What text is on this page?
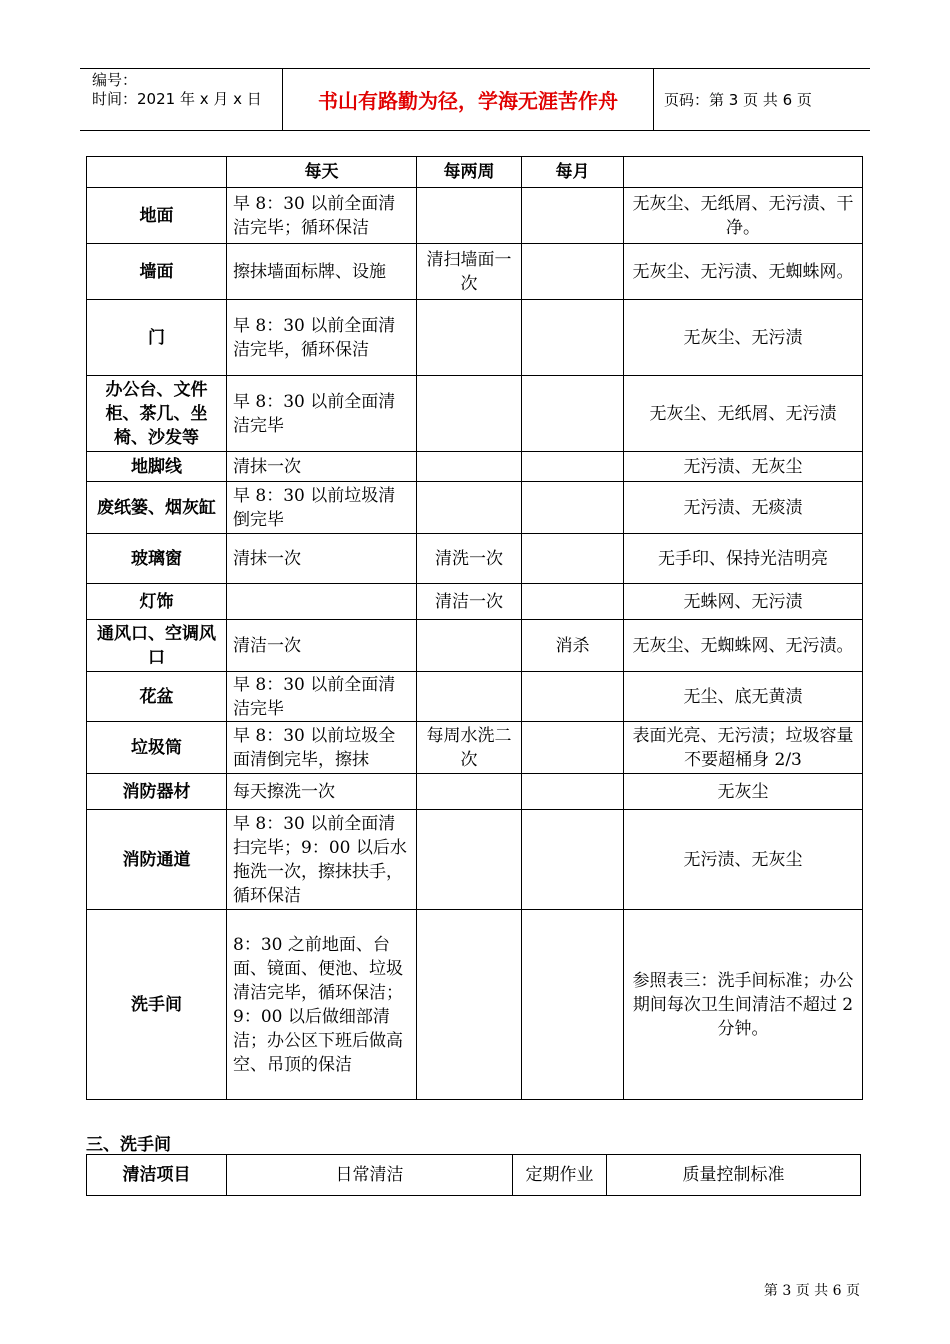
编号：
时间：2021 年 x 月 x 日	书山有路勤为径，学海无涯苦作舟	页码：第 3 页 共 6 页
	每天	每两周	每月	
地面	早 8：30 以前全面清洁完毕；循环保洁			无灰尘、无纸屑、无污渍、干净。
墙面	擦抹墙面标牌、设施	清扫墙面一次		无灰尘、无污渍、无蜘蛛网。
门	早 8：30 以前全面清洁完毕，循环保洁			无灰尘、无污渍
办公台、文件柜、茶几、坐椅、沙发等	早 8：30 以前全面清洁完毕			无灰尘、无纸屑、无污渍
地脚线	清抹一次			无污渍、无灰尘
废纸篓、烟灰缸	早 8：30 以前垃圾清倒完毕			无污渍、无痰渍
玻璃窗	清抹一次	清洗一次		无手印、保持光洁明亮
灯饰		清洁一次		无蛛网、无污渍
通风口、空调风口	清洁一次		消杀	无灰尘、无蜘蛛网、无污渍。
花盆	早 8：30 以前全面清洁完毕			无尘、底无黄渍
垃圾筒	早 8：30 以前垃圾全面清倒完毕，擦抹	每周水洗二次		表面光亮、无污渍；垃圾容量不要超桶身 2/3
消防器材	每天擦洗一次			无灰尘
消防通道	早 8：30 以前全面清扫完毕；9：00 以后水拖洗一次，擦抹扶手，循环保洁			无污渍、无灰尘
洗手间	8：30 之前地面、台面、镜面、便池、垃圾清洁完毕，循环保洁；9：00 以后做细部清洁；办公区下班后做高空、吊顶的保洁			参照表三：洗手间标准；办公期间每次卫生间清洁不超过 2 分钟。
三、洗手间
清洁项目	日常清洁	定期作业	质量控制标准
第 3 页 共 6 页
